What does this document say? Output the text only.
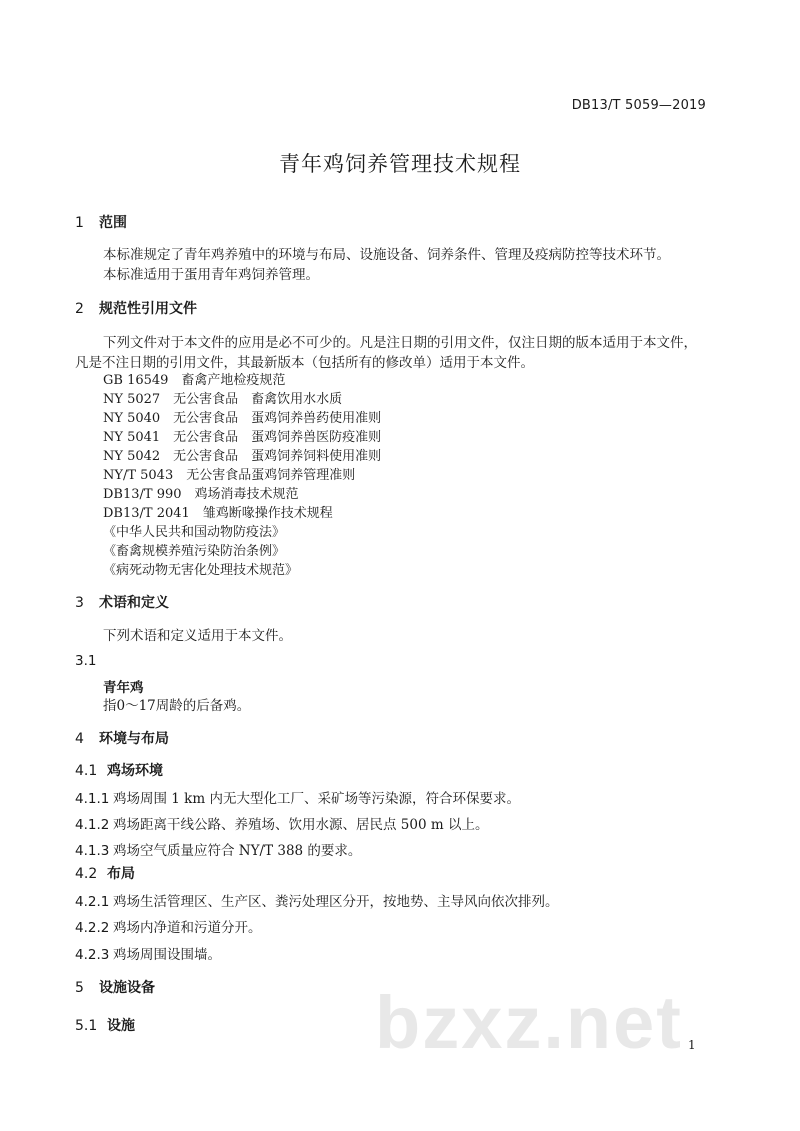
DB13/T 5059—2019
青年鸡饲养管理技术规程
1 范围
本标准规定了青年鸡养殖中的环境与布局、设施设备、饲养条件、管理及疫病防控等技术环节。
本标准适用于蛋用青年鸡饲养管理。
2 规范性引用文件
下列文件对于本文件的应用是必不可少的。凡是注日期的引用文件，仅注日期的版本适用于本文件，
凡是不注日期的引用文件，其最新版本（包括所有的修改单）适用于本文件。
GB 16549　畜禽产地检疫规范
NY 5027　无公害食品　畜禽饮用水水质
NY 5040　无公害食品　蛋鸡饲养兽药使用准则
NY 5041　无公害食品　蛋鸡饲养兽医防疫准则
NY 5042　无公害食品　蛋鸡饲养饲料使用准则
NY/T 5043　无公害食品蛋鸡饲养管理准则
DB13/T 990　鸡场消毒技术规范
DB13/T 2041　雏鸡断喙操作技术规程
《中华人民共和国动物防疫法》
《畜禽规模养殖污染防治条例》
《病死动物无害化处理技术规范》
3 术语和定义
下列术语和定义适用于本文件。
3.1
青年鸡
指0～17周龄的后备鸡。
4 环境与布局
4.1 鸡场环境
4.1.1 鸡场周围 1 km 内无大型化工厂、采矿场等污染源，符合环保要求。
4.1.2 鸡场距离干线公路、养殖场、饮用水源、居民点 500 m 以上。
4.1.3 鸡场空气质量应符合 NY/T 388 的要求。
4.2 布局
4.2.1 鸡场生活管理区、生产区、粪污处理区分开，按地势、主导风向依次排列。
4.2.2 鸡场内净道和污道分开。
4.2.3 鸡场周围设围墙。
5 设施设备
5.1 设施	bzxz.net 1
